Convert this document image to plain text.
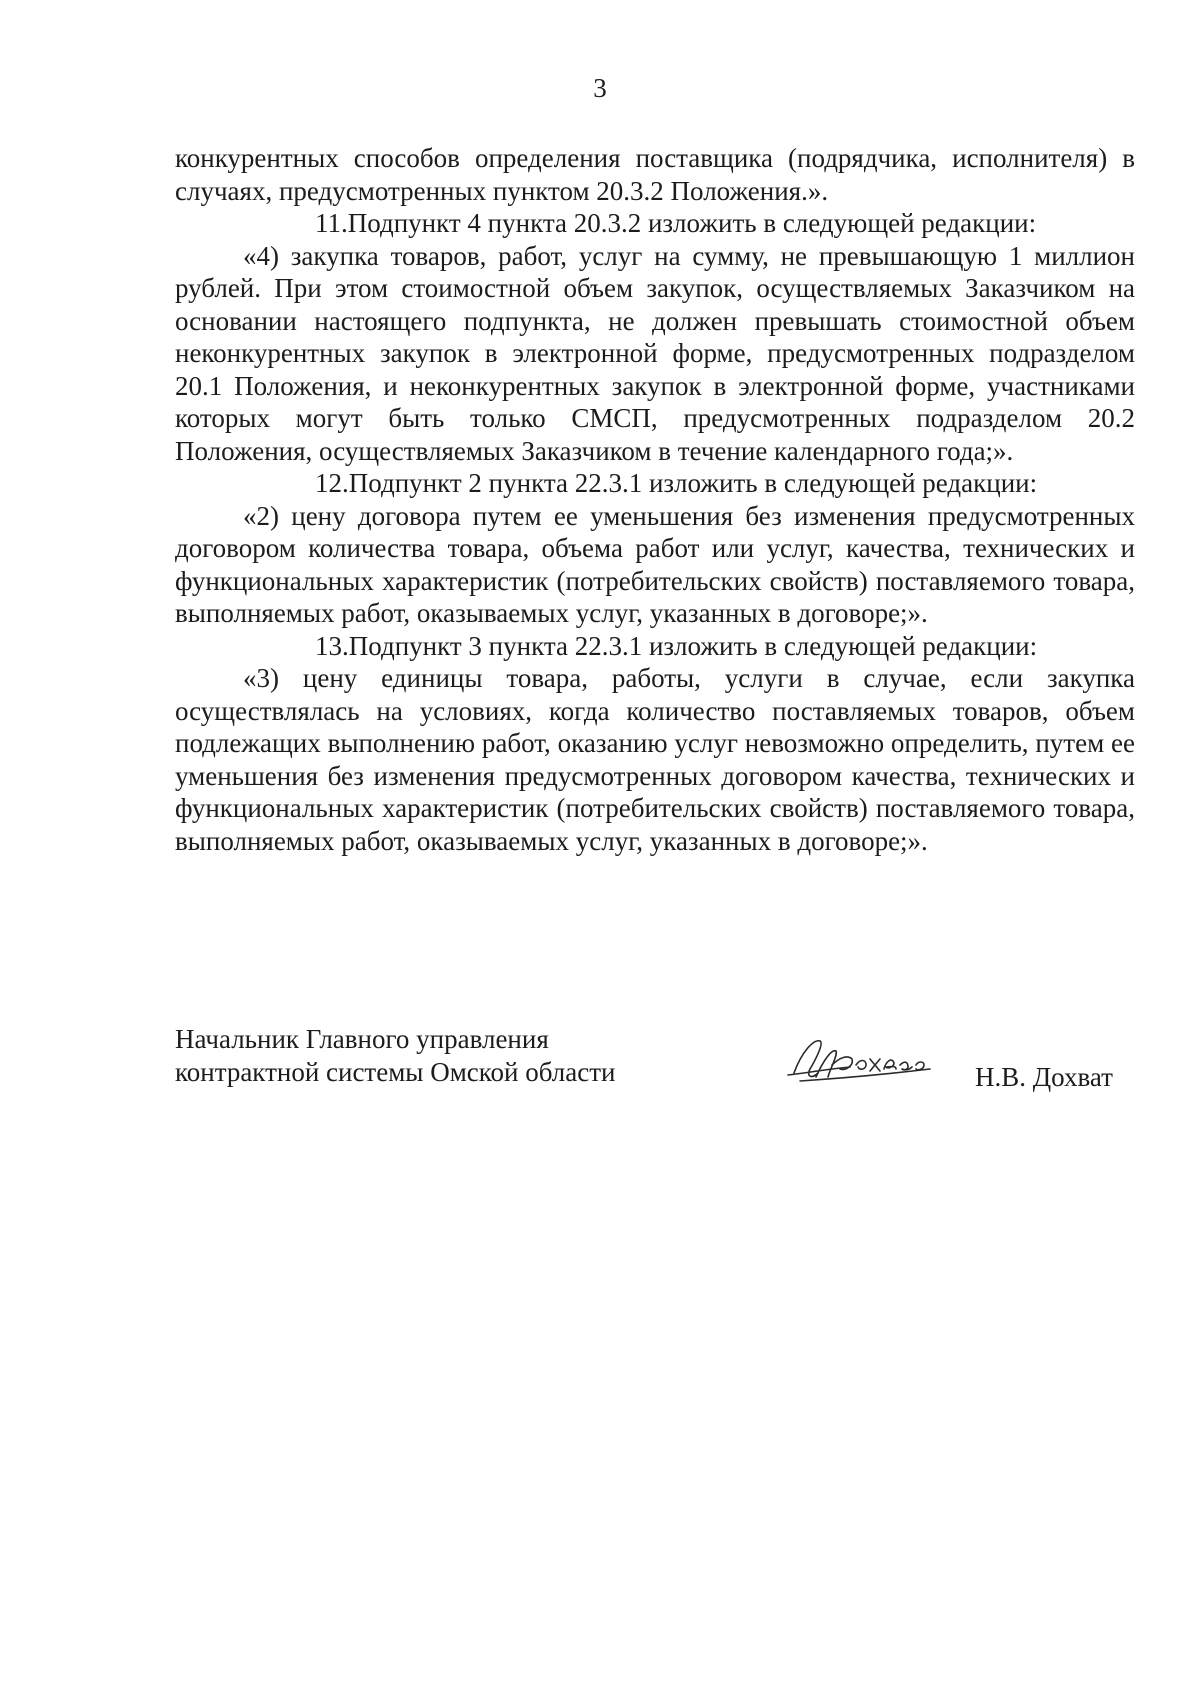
3

конкурентных способов определения поставщика (подрядчика, исполнителя) в случаях, предусмотренных пунктом 20.3.2 Положения.».

11.Подпункт 4 пункта 20.3.2 изложить в следующей редакции:

«4) закупка товаров, работ, услуг на сумму, не превышающую 1 миллион рублей. При этом стоимостной объем закупок, осуществляемых Заказчиком на основании настоящего подпункта, не должен превышать стоимостной объем неконкурентных закупок в электронной форме, предусмотренных подразделом 20.1 Положения, и неконкурентных закупок в электронной форме, участниками которых могут быть только СМСП, предусмотренных подразделом 20.2 Положения, осуществляемых Заказчиком в течение календарного года;».

12.Подпункт 2 пункта 22.3.1 изложить в следующей редакции:

«2) цену договора путем ее уменьшения без изменения предусмотренных договором количества товара, объема работ или услуг, качества, технических и функциональных характеристик (потребительских свойств) поставляемого товара, выполняемых работ, оказываемых услуг, указанных в договоре;».

13.Подпункт 3 пункта 22.3.1 изложить в следующей редакции:

«3) цену единицы товара, работы, услуги в случае, если закупка осуществлялась на условиях, когда количество поставляемых товаров, объем подлежащих выполнению работ, оказанию услуг невозможно определить, путем ее уменьшения без изменения предусмотренных договором качества, технических и функциональных характеристик (потребительских свойств) поставляемого товара, выполняемых работ, оказываемых услуг, указанных в договоре;».

Начальник Главного управления
контрактной системы Омской области	Н.В. Дохват
